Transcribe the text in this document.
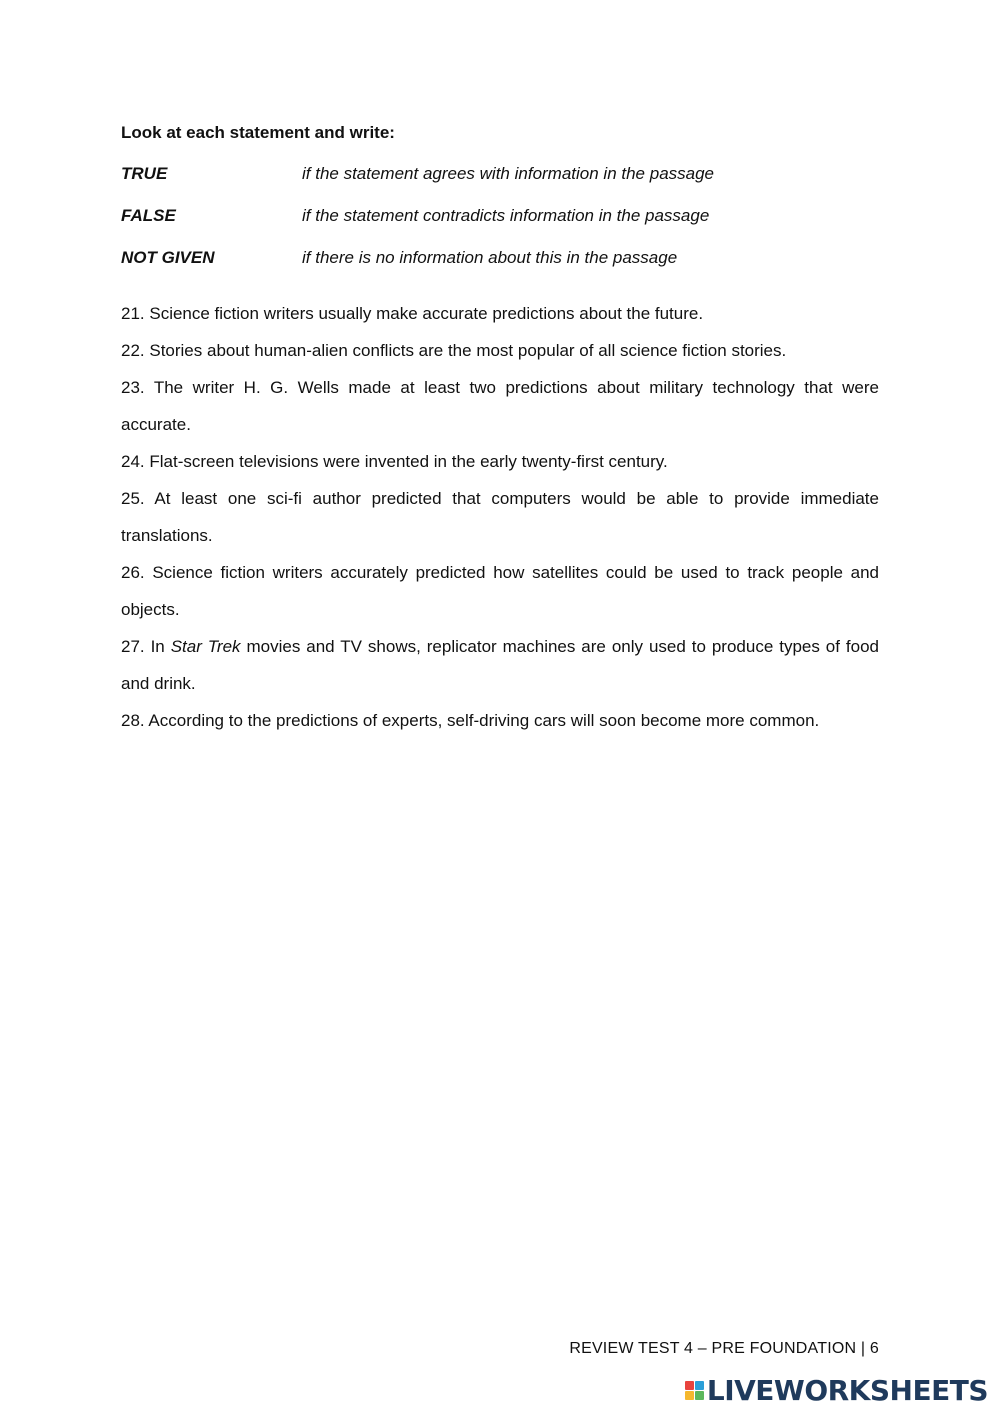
Look at each statement and write:
TRUE	if the statement agrees with information in the passage
FALSE	if the statement contradicts information in the passage
NOT GIVEN	if there is no information about this in the passage

21. Science fiction writers usually make accurate predictions about the future.

22. Stories about human-alien conflicts are the most popular of all science fiction stories.

23. The writer H. G. Wells made at least two predictions about military technology that were accurate.

24. Flat-screen televisions were invented in the early twenty-first century.

25. At least one sci-fi author predicted that computers would be able to provide immediate translations.

26. Science fiction writers accurately predicted how satellites could be used to track people and objects.

27. In Star Trek movies and TV shows, replicator machines are only used to produce types of food and drink.

28. According to the predictions of experts, self-driving cars will soon become more common.

REVIEW TEST 4 – PRE FOUNDATION | 6
LIVEWORKSHEETS
